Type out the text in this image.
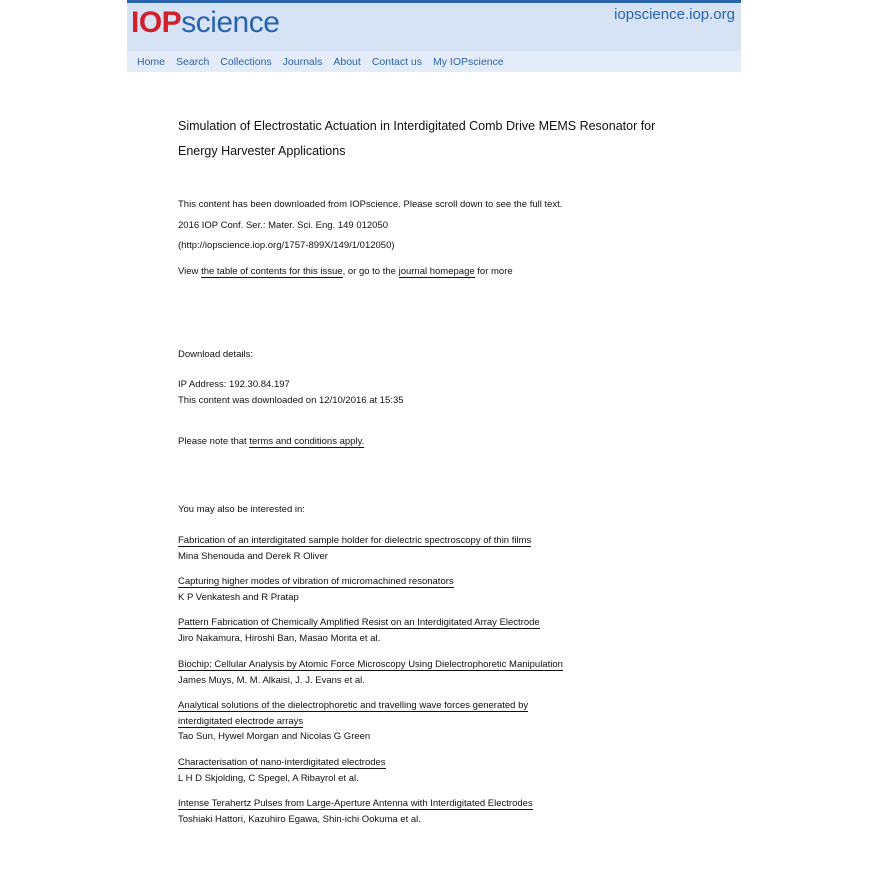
IOPscience	iopscience.iop.org
Home Search Collections Journals About Contact us My IOPscience
Simulation of Electrostatic Actuation in Interdigitated Comb Drive MEMS Resonator for Energy Harvester Applications
This content has been downloaded from IOPscience. Please scroll down to see the full text.
2016 IOP Conf. Ser.: Mater. Sci. Eng. 149 012050
(http://iopscience.iop.org/1757-899X/149/1/012050)
View the table of contents for this issue, or go to the journal homepage for more
Download details:
IP Address: 192.30.84.197
This content was downloaded on 12/10/2016 at 15:35
Please note that terms and conditions apply.
You may also be interested in:
Fabrication of an interdigitated sample holder for dielectric spectroscopy of thin films
Mina Shenouda and Derek R Oliver
Capturing higher modes of vibration of micromachined resonators
K P Venkatesh and R Pratap
Pattern Fabrication of Chemically Amplified Resist on an Interdigitated Array Electrode
Jiro Nakamura, Hiroshi Ban, Masao Morita et al.
Biochip: Cellular Analysis by Atomic Force Microscopy Using Dielectrophoretic Manipulation
James Muys, M. M. Alkaisi, J. J. Evans et al.
Analytical solutions of the dielectrophoretic and travelling wave forces generated by
interdigitated electrode arrays
Tao Sun, Hywel Morgan and Nicolas G Green
Characterisation of nano-interdigitated electrodes
L H D Skjolding, C Spegel, A Ribayrol et al.
Intense Terahertz Pulses from Large-Aperture Antenna with Interdigitated Electrodes
Toshiaki Hattori, Kazuhiro Egawa, Shin-ichi Ookuma et al.
